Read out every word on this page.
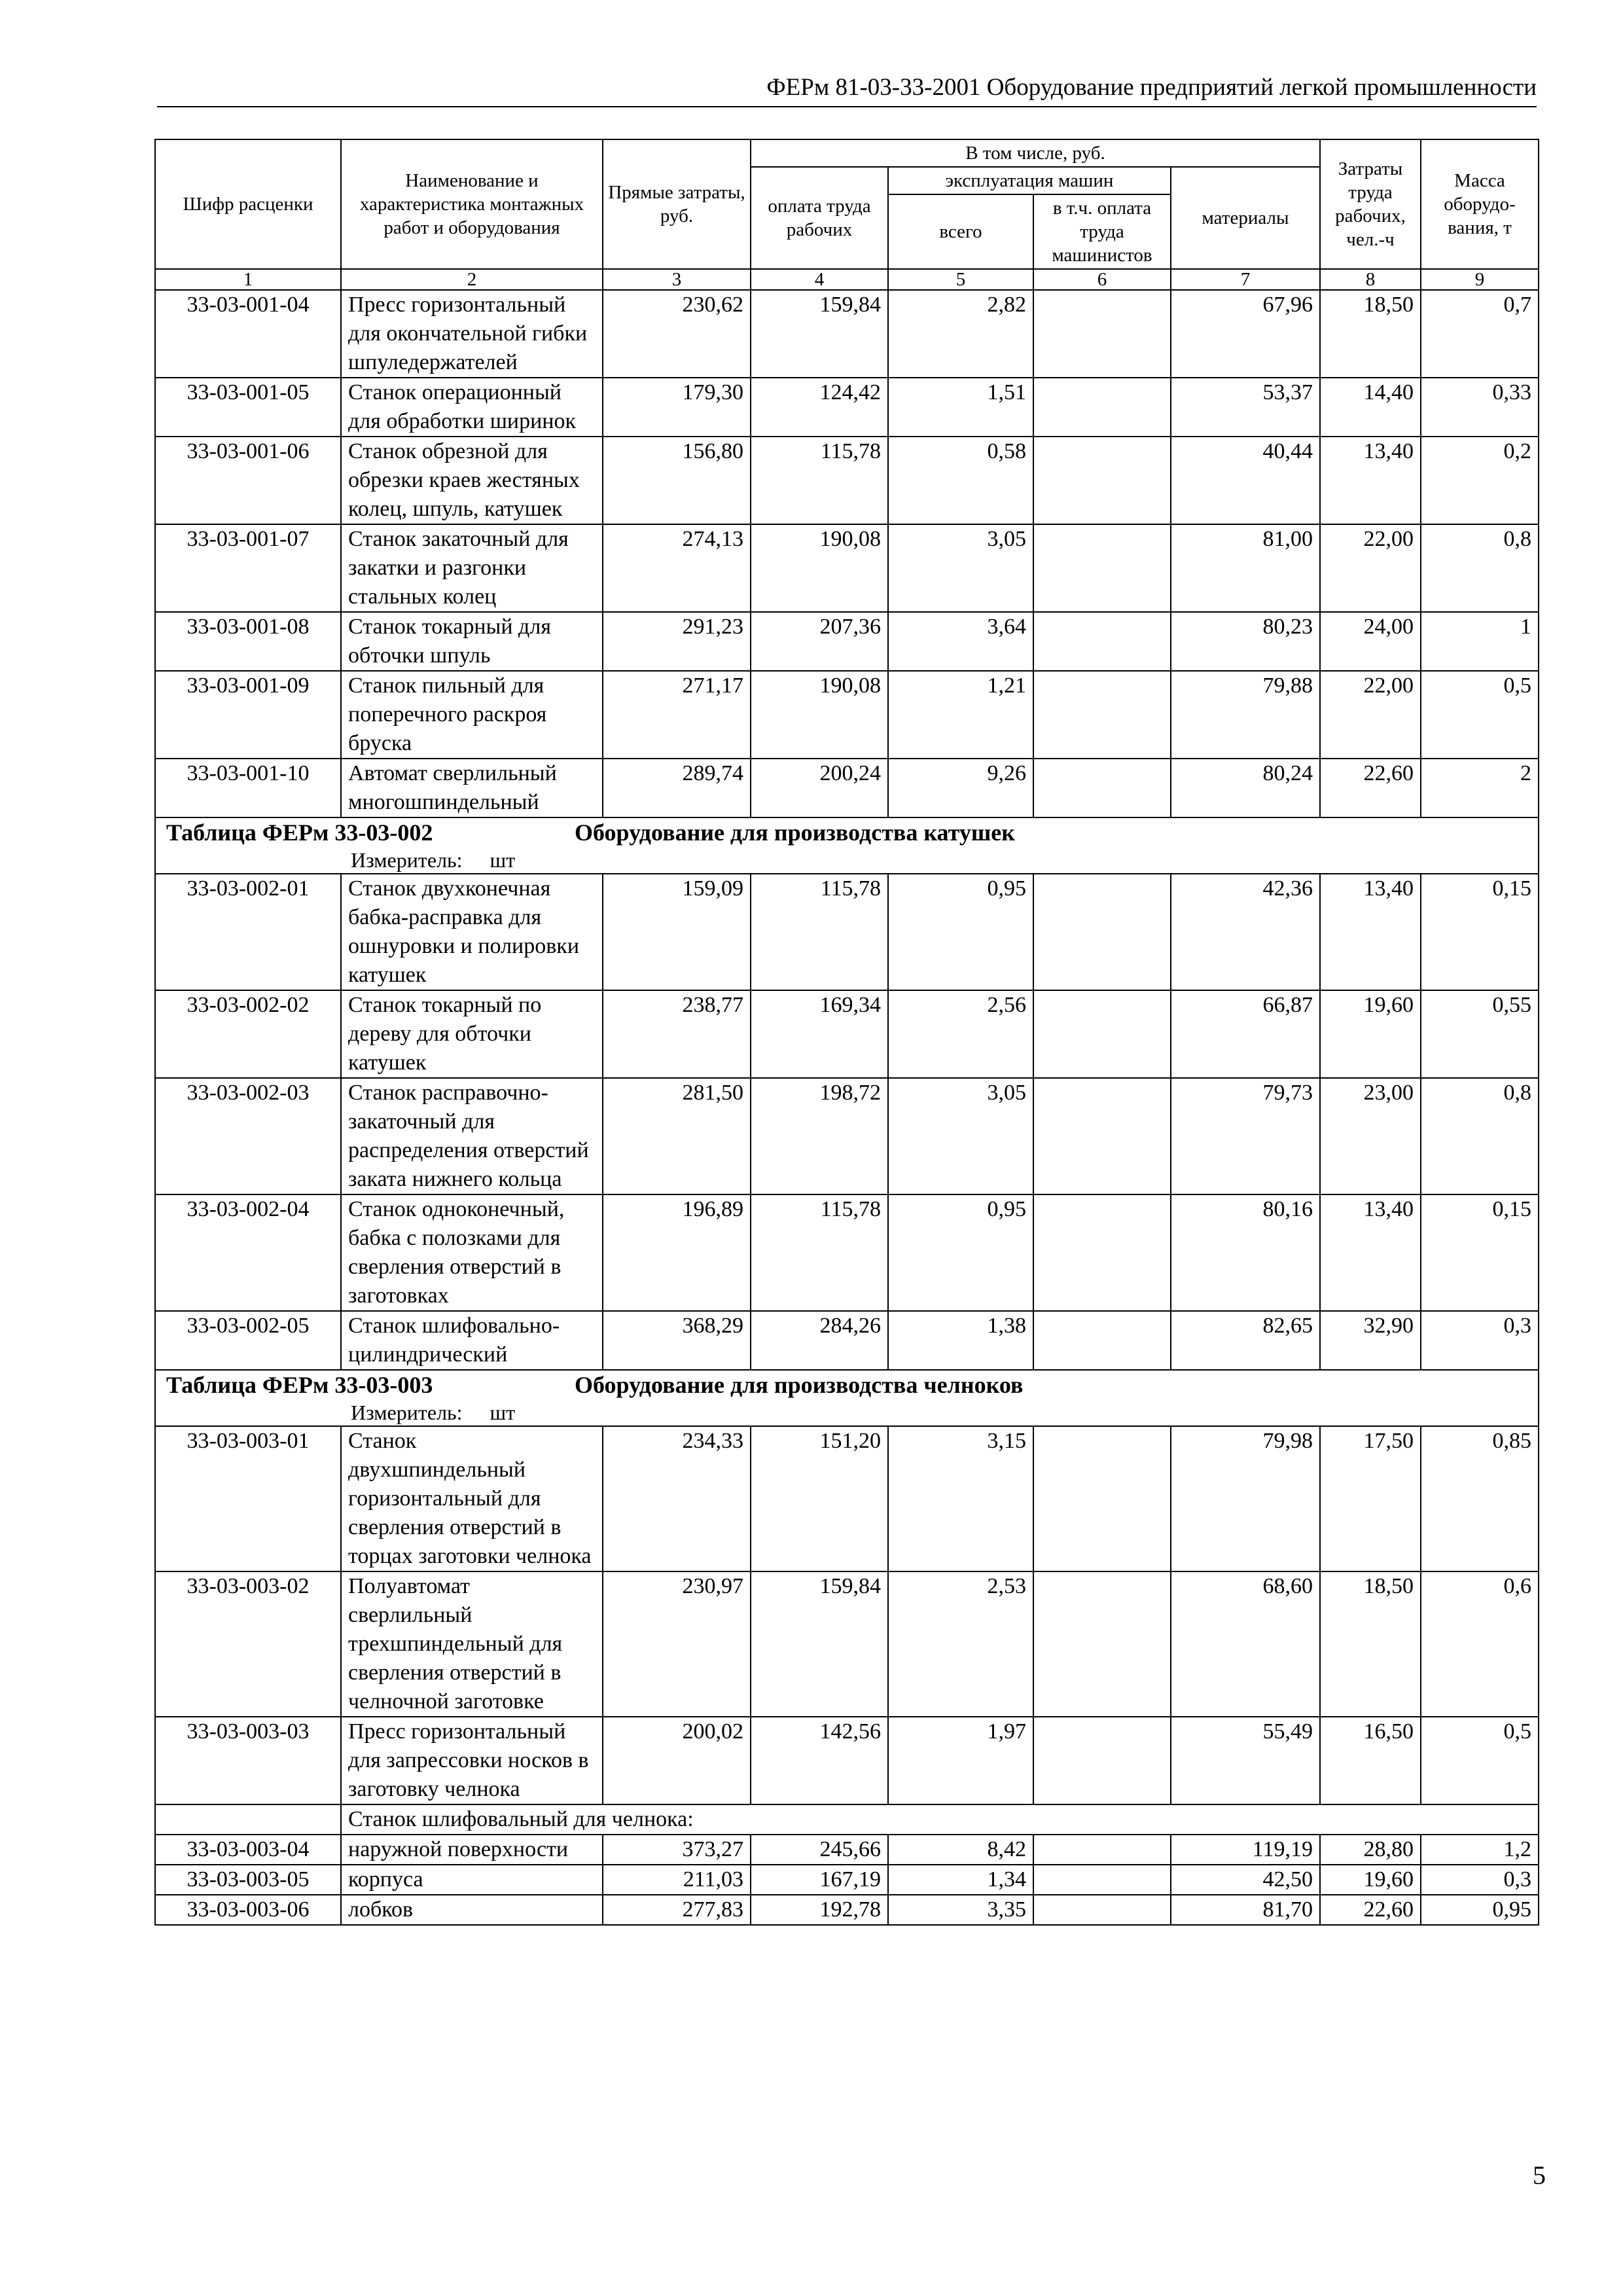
ФЕРм 81-03-33-2001 Оборудование предприятий легкой промышленности
Шифр расценки	Наименование и характеристика монтажных работ и оборудования	Прямые затраты, руб.	В том числе, руб.				Затраты труда рабочих, чел.-ч	Масса оборудо-вания, т
			оплата труда рабочих	эксплуатация машин		материалы		
				всего	в т.ч. оплата труда машинистов			
1	2	3	4	5	6	7	8	9
33-03-001-04	Пресс горизонтальный для окончательной гибки шпуледержателей	230,62	159,84	2,82		67,96	18,50	0,7
33-03-001-05	Станок операционный для обработки ширинок	179,30	124,42	1,51		53,37	14,40	0,33
33-03-001-06	Станок обрезной для обрезки краев жестяных колец, шпуль, катушек	156,80	115,78	0,58		40,44	13,40	0,2
33-03-001-07	Станок закаточный для закатки и разгонки стальных колец	274,13	190,08	3,05		81,00	22,00	0,8
33-03-001-08	Станок токарный для обточки шпуль	291,23	207,36	3,64		80,23	24,00	1
33-03-001-09	Станок пильный для поперечного раскроя бруска	271,17	190,08	1,21		79,88	22,00	0,5
33-03-001-10	Автомат сверлильный многошпиндельный	289,74	200,24	9,26		80,24	22,60	2

Таблица ФЕРм 33-03-002 Оборудование для производства катушек
Измеритель: шт								

33-03-002-01	Станок двухконечная бабка-расправка для ошнуровки и полировки катушек	159,09	115,78	0,95		42,36	13,40	0,15
33-03-002-02	Станок токарный по дереву для обточки катушек	238,77	169,34	2,56		66,87	19,60	0,55
33-03-002-03	Станок расправочно-закаточный для распределения отверстий заката нижнего кольца	281,50	198,72	3,05		79,73	23,00	0,8
33-03-002-04	Станок одноконечный, бабка с полозками для сверления отверстий в заготовках	196,89	115,78	0,95		80,16	13,40	0,15
33-03-002-05	Станок шлифовально-цилиндрический	368,29	284,26	1,38		82,65	32,90	0,3

Таблица ФЕРм 33-03-003 Оборудование для производства челноков
Измеритель: шт								

33-03-003-01	Станок двухшпиндельный горизонтальный для сверления отверстий в торцах заготовки челнока	234,33	151,20	3,15		79,98	17,50	0,85
33-03-003-02	Полуавтомат сверлильный трехшпиндельный для сверления отверстий в челночной заготовке	230,97	159,84	2,53		68,60	18,50	0,6
33-03-003-03	Пресс горизонтальный для запрессовки носков в заготовку челнока	200,02	142,56	1,97		55,49	16,50	0,5
	Станок шлифовальный для челнока:							
33-03-003-04	наружной поверхности	373,27	245,66	8,42		119,19	28,80	1,2
33-03-003-05	корпуса	211,03	167,19	1,34		42,50	19,60	0,3
33-03-003-06	лобков	277,83	192,78	3,35		81,70	22,60	0,95
5
